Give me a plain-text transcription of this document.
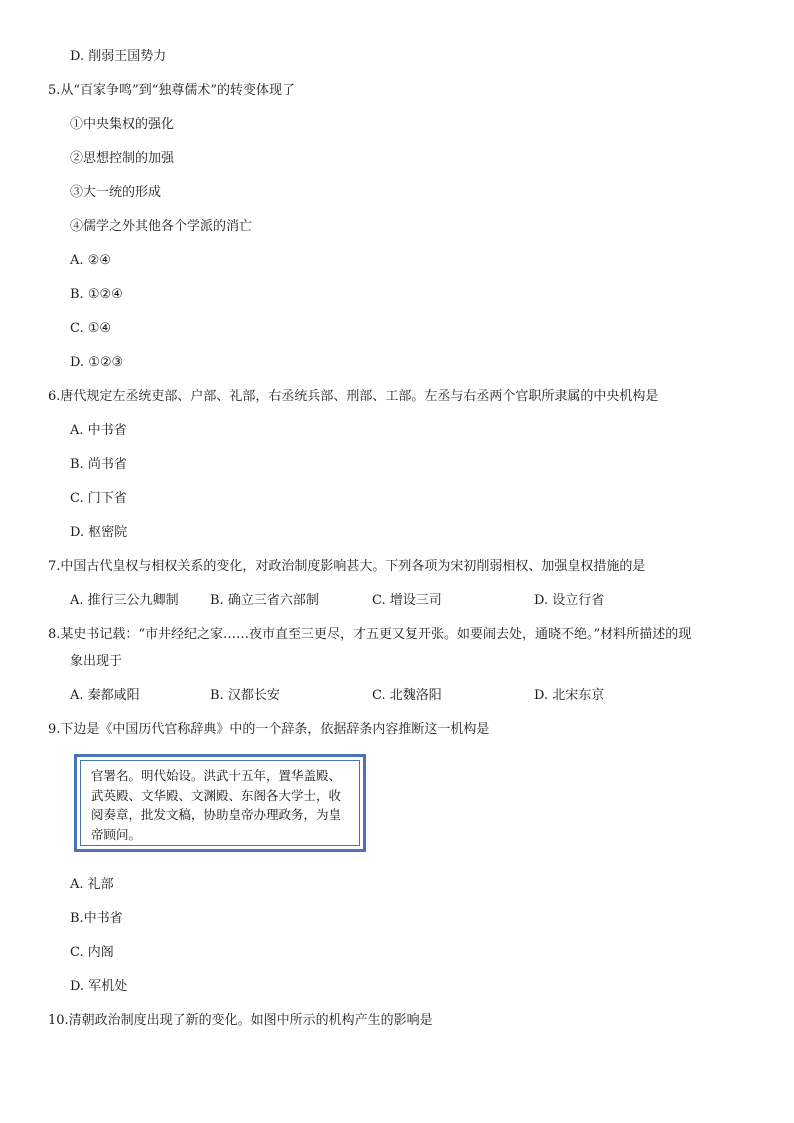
D. 削弱王国势力
5.从“百家争鸣”到“独尊儒术”的转变体现了
①中央集权的强化
②思想控制的加强
③大一统的形成
④儒学之外其他各个学派的消亡
A. ②④
B. ①②④
C. ①④
D. ①②③
6.唐代规定左丞统吏部、户部、礼部，右丞统兵部、刑部、工部。左丞与右丞两个官职所隶属的中央机构是
A. 中书省
B. 尚书省
C. 门下省
D. 枢密院
7.中国古代皇权与相权关系的变化，对政治制度影响甚大。下列各项为宋初削弱相权、加强皇权措施的是
A. 推行三公九卿制 B. 确立三省六部制	C. 增设三司	D. 设立行省
8.某史书记载：“市井经纪之家……夜市直至三更尽，才五更又复开张。如要闹去处，通晓不绝。”材料所描述的现
象出现于
A. 秦都咸阳	B. 汉都长安	C. 北魏洛阳	D. 北宋东京
9.下边是《中国历代官称辞典》中的一个辞条，依据辞条内容推断这一机构是
官署名。明代始设。洪武十五年，置华盖殿、武英殿、文华殿、文渊殿、东阁各大学士，收阅奏章，批发文稿，协助皇帝办理政务，为皇帝顾问。
A. 礼部
B.中书省
C. 内阁
D. 军机处
10.清朝政治制度出现了新的变化。如图中所示的机构产生的影响是
